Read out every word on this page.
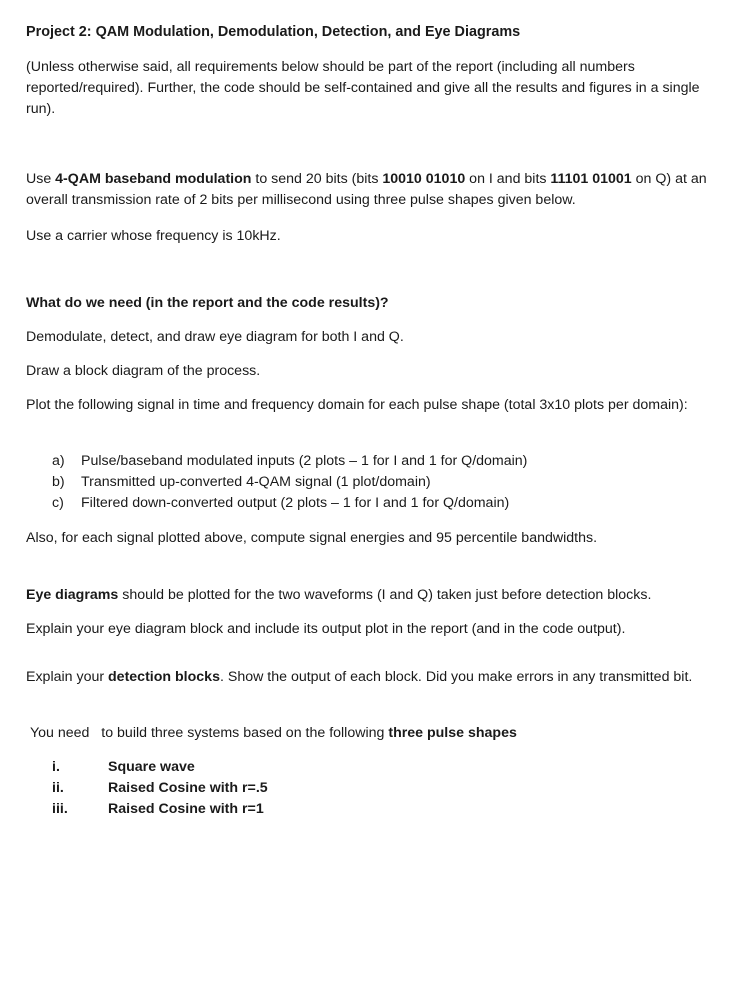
Project 2: QAM Modulation, Demodulation, Detection, and Eye Diagrams
(Unless otherwise said, all requirements below should be part of the report (including all numbers reported/required). Further, the code should be self-contained and give all the results and figures in a single run).
Use 4-QAM baseband modulation to send 20 bits (bits 10010 01010 on I and bits 11101 01001 on Q) at an overall transmission rate of 2 bits per millisecond using three pulse shapes given below.
Use a carrier whose frequency is 10kHz.
What do we need (in the report and the code results)?
Demodulate, detect, and draw eye diagram for both I and Q.
Draw a block diagram of the process.
Plot the following signal in time and frequency domain for each pulse shape (total 3x10 plots per domain):
a) Pulse/baseband modulated inputs (2 plots – 1 for I and 1 for Q/domain)
b) Transmitted up-converted 4-QAM signal (1 plot/domain)
c) Filtered down-converted output (2 plots – 1 for I and 1 for Q/domain)
Also, for each signal plotted above, compute signal energies and 95 percentile bandwidths.
Eye diagrams should be plotted for the two waveforms (I and Q) taken just before detection blocks.
Explain your eye diagram block and include its output plot in the report (and in the code output).
Explain your detection blocks. Show the output of each block. Did you make errors in any transmitted bit.
You need   to build three systems based on the following three pulse shapes
i.	Square wave
ii.	Raised Cosine with r=.5
iii.	Raised Cosine with r=1
